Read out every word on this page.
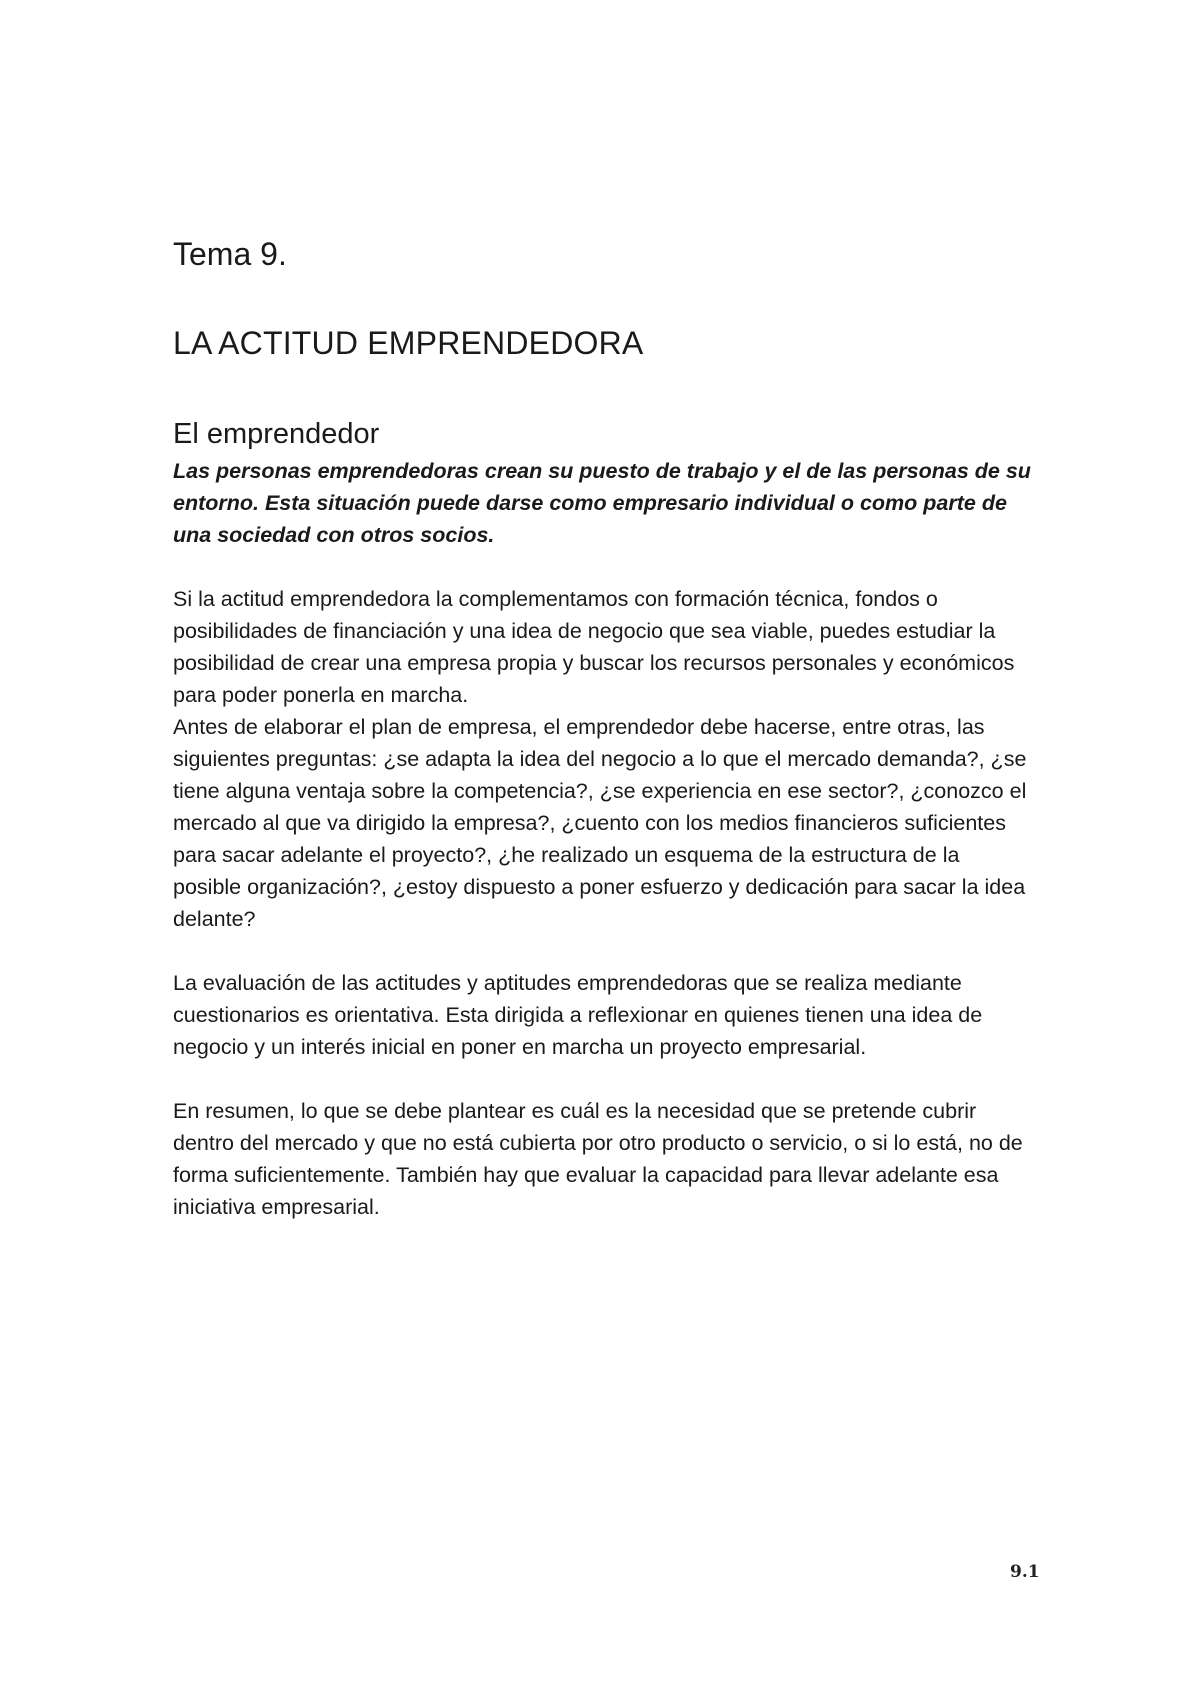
Tema 9.
LA ACTITUD EMPRENDEDORA
El emprendedor

Las personas emprendedoras crean su puesto de trabajo y el de las personas de su entorno. Esta situación puede darse como empresario individual o como parte de una sociedad con otros socios.

Si la actitud emprendedora la complementamos con formación técnica, fondos o posibilidades de financiación y una idea de negocio que sea viable, puedes estudiar la posibilidad de crear una empresa propia y buscar los recursos personales y económicos para poder ponerla en marcha.

Antes de elaborar el plan de empresa, el emprendedor debe hacerse, entre otras, las siguientes preguntas: ¿se adapta la idea del negocio a lo que el mercado demanda?, ¿se tiene alguna ventaja sobre la competencia?, ¿se experiencia en ese sector?, ¿conozco el mercado al que va dirigido la empresa?, ¿cuento con los medios financieros suficientes para sacar adelante el proyecto?, ¿he realizado un esquema de la estructura de la posible organización?, ¿estoy dispuesto a poner esfuerzo y dedicación para sacar la idea delante?

La evaluación de las actitudes y aptitudes emprendedoras que se realiza mediante cuestionarios es orientativa. Esta dirigida a reflexionar en quienes tienen una idea de negocio y un interés inicial en poner en marcha un proyecto empresarial.

En resumen, lo que se debe plantear es cuál es la necesidad que se pretende cubrir dentro del mercado y que no está cubierta por otro producto o servicio, o si lo está, no de forma suficientemente. También hay que evaluar la capacidad para llevar adelante esa iniciativa empresarial.

9.1
